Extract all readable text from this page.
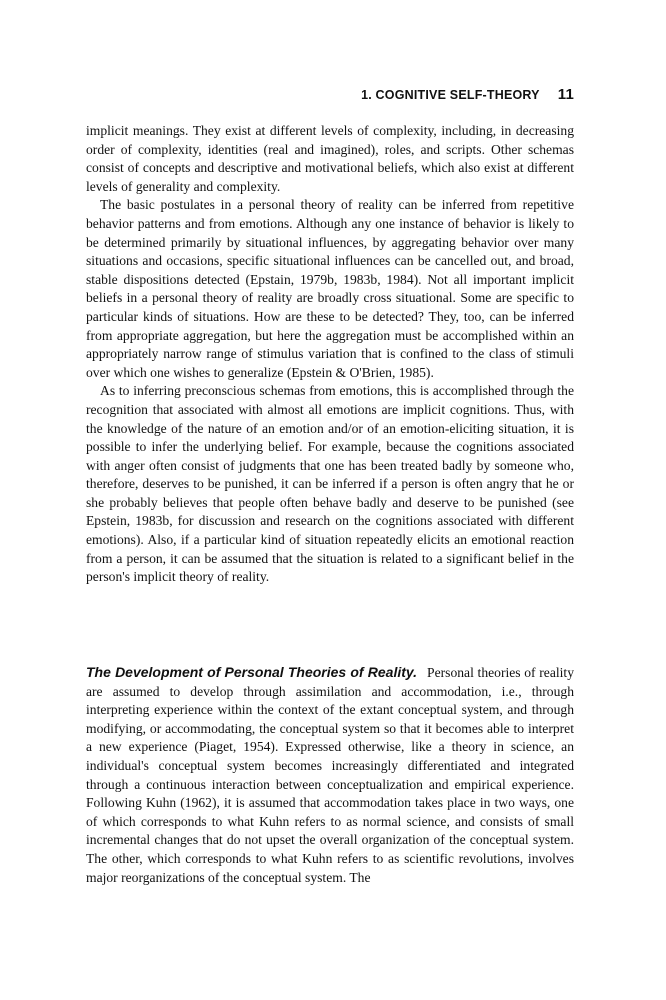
1. COGNITIVE SELF-THEORY 11

implicit meanings. They exist at different levels of complexity, including, in decreasing order of complexity, identities (real and imagined), roles, and scripts. Other schemas consist of concepts and descriptive and motivational beliefs, which also exist at different levels of generality and complexity.

The basic postulates in a personal theory of reality can be inferred from repetitive behavior patterns and from emotions. Although any one instance of behavior is likely to be determined primarily by situational influences, by aggregating behavior over many situations and occasions, specific situational influences can be cancelled out, and broad, stable dispositions detected (Epstain, 1979b, 1983b, 1984). Not all important implicit beliefs in a personal theory of reality are broadly cross situational. Some are specific to particular kinds of situations. How are these to be detected? They, too, can be inferred from appropriate aggregation, but here the aggregation must be accomplished within an appropriately narrow range of stimulus variation that is confined to the class of stimuli over which one wishes to generalize (Epstein & O'Brien, 1985).

As to inferring preconscious schemas from emotions, this is accomplished through the recognition that associated with almost all emotions are implicit cognitions. Thus, with the knowledge of the nature of an emotion and/or of an emotion-eliciting situation, it is possible to infer the underlying belief. For example, because the cognitions associated with anger often consist of judgments that one has been treated badly by someone who, therefore, deserves to be punished, it can be inferred if a person is often angry that he or she probably believes that people often behave badly and deserve to be punished (see Epstein, 1983b, for discussion and research on the cognitions associated with different emotions). Also, if a particular kind of situation repeatedly elicits an emotional reaction from a person, it can be assumed that the situation is related to a significant belief in the person's implicit theory of reality.

The Development of Personal Theories of Reality. Personal theories of reality are assumed to develop through assimilation and accommodation, i.e., through interpreting experience within the context of the extant conceptual system, and through modifying, or accommodating, the conceptual system so that it becomes able to interpret a new experience (Piaget, 1954). Expressed otherwise, like a theory in science, an individual's conceptual system becomes increasingly differentiated and integrated through a continuous interaction between conceptualization and empirical experience. Following Kuhn (1962), it is assumed that accommodation takes place in two ways, one of which corresponds to what Kuhn refers to as normal science, and consists of small incremental changes that do not upset the overall organization of the conceptual system. The other, which corresponds to what Kuhn refers to as scientific revolutions, involves major reorganizations of the conceptual system. The
